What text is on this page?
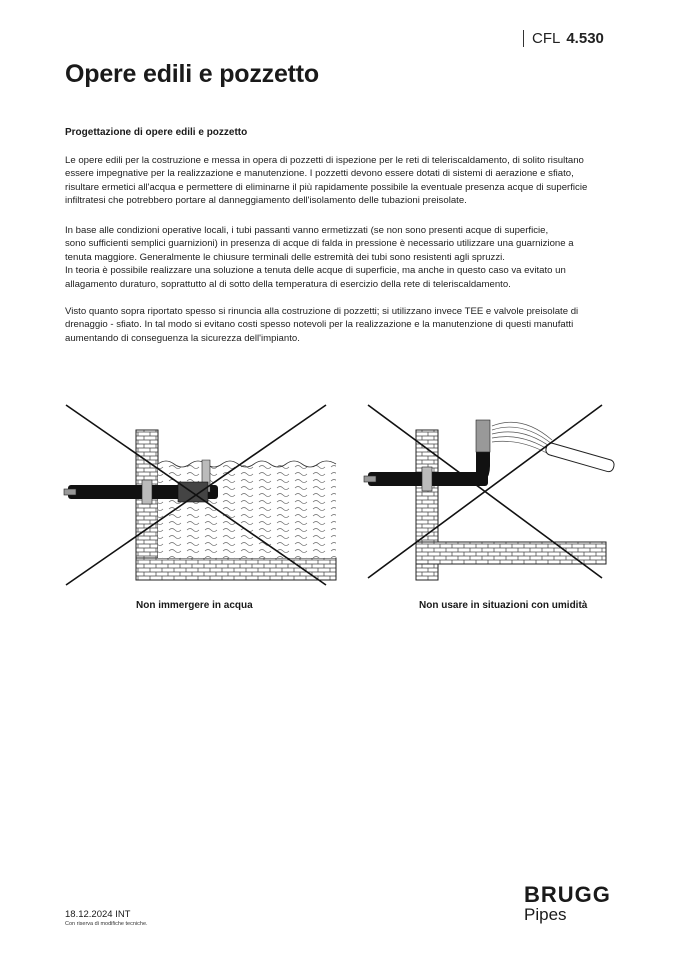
CFL 4.530
Opere edili e pozzetto
Progettazione di opere edili e pozzetto
Le opere edili per la costruzione e messa in opera di pozzetti di ispezione per le reti di teleriscaldamento, di solito risultano
essere impegnative per la realizzazione e manutenzione. I pozzetti devono essere dotati di sistemi di aerazione e sfiato,
risultare ermetici all'acqua e permettere di eliminarne il più rapidamente possibile la eventuale presenza acque di superficie
infiltratesi che potrebbero portare al danneggiamento dell'isolamento delle tubazioni preisolate.
In base alle condizioni operative locali, i tubi passanti vanno ermetizzati (se non sono presenti acque di superficie,
sono sufficienti semplici guarnizioni) in presenza di acque di falda in pressione è necessario utilizzare una guarnizione a
tenuta maggiore. Generalmente le chiusure terminali delle estremità dei tubi sono resistenti agli spruzzi.
In teoria è possibile realizzare una soluzione a tenuta delle acque di superficie, ma anche in questo caso va evitato un
allagamento duraturo, soprattutto al di sotto della temperatura di esercizio della rete di teleriscaldamento.
Visto quanto sopra riportato spesso si rinuncia alla costruzione di pozzetti; si utilizzano invece TEE e valvole preisolate di
drenaggio - sfiato. In tal modo si evitano costi spesso notevoli per la realizzazione e la manutenzione di questi manufatti
aumentando di conseguenza la sicurezza dell'impianto.
Non immergere in acqua	Non usare in situazioni con umidità
18.12.2024 INT
Con riserva di modifiche tecniche.
BRUGG
Pipes
